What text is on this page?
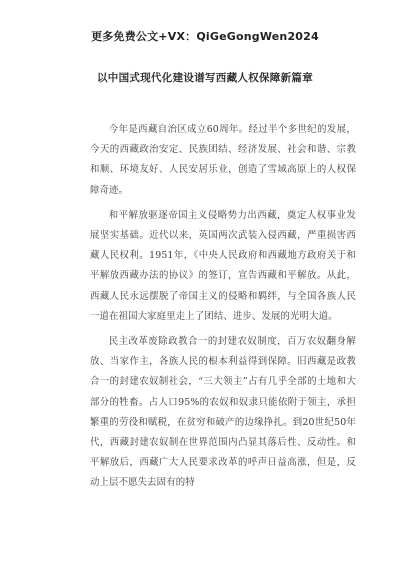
更多免费公文+VX：QiGeGongWen2024
以中国式现代化建设谱写西藏人权保障新篇章

今年是西藏自治区成立60周年。经过半个多世纪的发展，今天的西藏政治安定、民族团结、经济发展、社会和谐、宗教和顺、环境友好、人民安居乐业，创造了雪域高原上的人权保障奇迹。

和平解放驱逐帝国主义侵略势力出西藏，奠定人权事业发展坚实基础。近代以来，英国两次武装入侵西藏，严重损害西藏人民权利。1951年，《中央人民政府和西藏地方政府关于和平解放西藏办法的协议》的签订，宣告西藏和平解放。从此，西藏人民永远摆脱了帝国主义的侵略和羁绊，与全国各族人民一道在祖国大家庭里走上了团结、进步、发展的光明大道。

民主改革废除政教合一的封建农奴制度，百万农奴翻身解放、当家作主，各族人民的根本利益得到保障。旧西藏是政教合一的封建农奴制社会，“三大领主”占有几乎全部的土地和大部分的牲畜。占人口95%的农奴和奴隶只能依附于领主，承担繁重的劳役和赋税，在贫穷和破产的边缘挣扎。到20世纪50年代，西藏封建农奴制在世界范围内凸显其落后性、反动性。和平解放后，西藏广大人民要求改革的呼声日益高涨，但是，反动上层不愿失去固有的特
